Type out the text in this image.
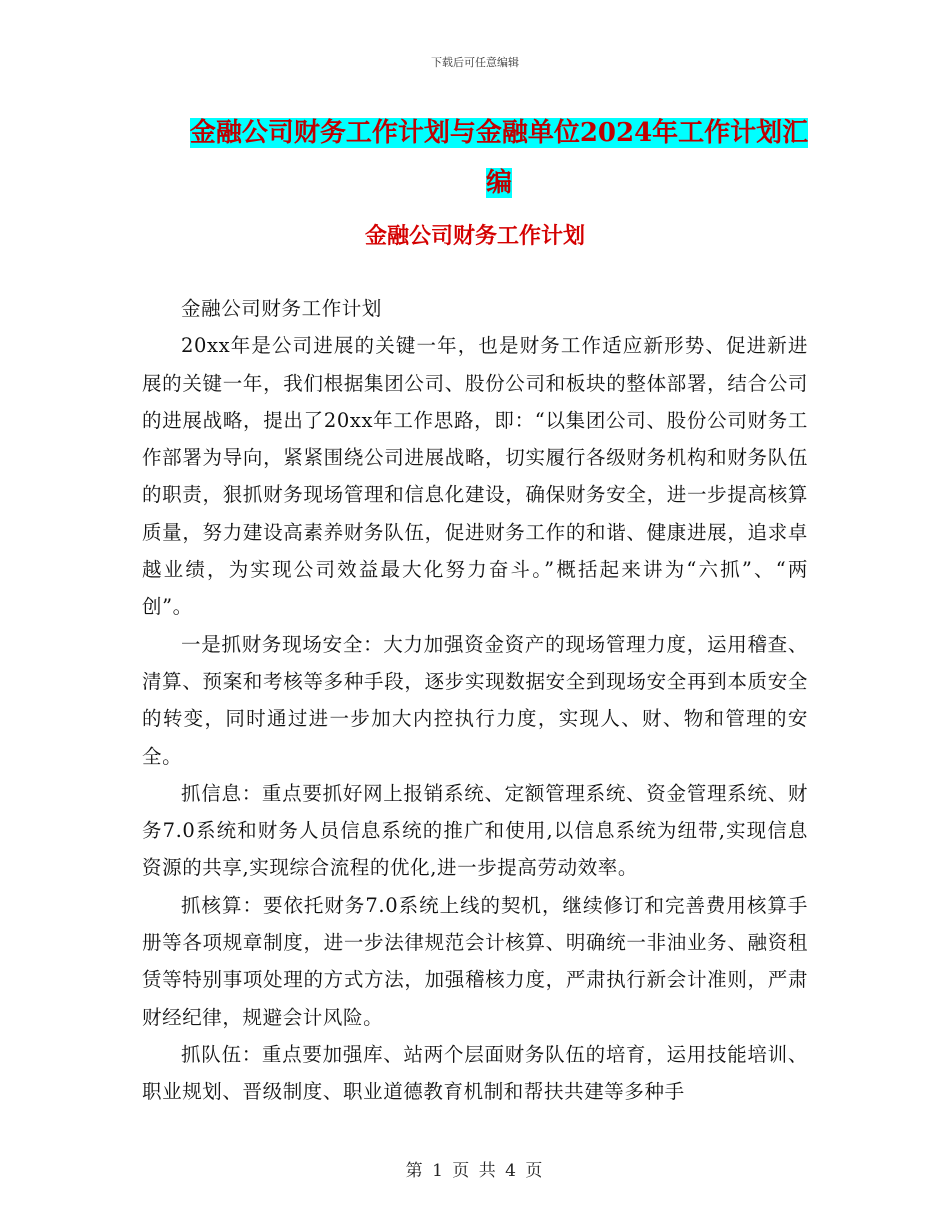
下载后可任意编辑
金融公司财务工作计划与金融单位2024年工作计划汇编
金融公司财务工作计划

金融公司财务工作计划

20xx年是公司进展的关键一年，也是财务工作适应新形势、促进新进展的关键一年，我们根据集团公司、股份公司和板块的整体部署，结合公司的进展战略，提出了20xx年工作思路，即：“以集团公司、股份公司财务工作部署为导向，紧紧围绕公司进展战略，切实履行各级财务机构和财务队伍的职责，狠抓财务现场管理和信息化建设，确保财务安全，进一步提高核算质量，努力建设高素养财务队伍，促进财务工作的和谐、健康进展，追求卓越业绩，为实现公司效益最大化努力奋斗。”概括起来讲为“六抓”、“两创”。

一是抓财务现场安全：大力加强资金资产的现场管理力度，运用稽查、清算、预案和考核等多种手段，逐步实现数据安全到现场安全再到本质安全的转变，同时通过进一步加大内控执行力度，实现人、财、物和管理的安全。

抓信息：重点要抓好网上报销系统、定额管理系统、资金管理系统、财务7.0系统和财务人员信息系统的推广和使用,以信息系统为纽带,实现信息资源的共享,实现综合流程的优化,进一步提高劳动效率。

抓核算：要依托财务7.0系统上线的契机，继续修订和完善费用核算手册等各项规章制度，进一步法律规范会计核算、明确统一非油业务、融资租赁等特别事项处理的方式方法，加强稽核力度，严肃执行新会计准则，严肃财经纪律，规避会计风险。

抓队伍：重点要加强库、站两个层面财务队伍的培育，运用技能培训、职业规划、晋级制度、职业道德教育机制和帮扶共建等多种手

第 1 页 共 4 页
